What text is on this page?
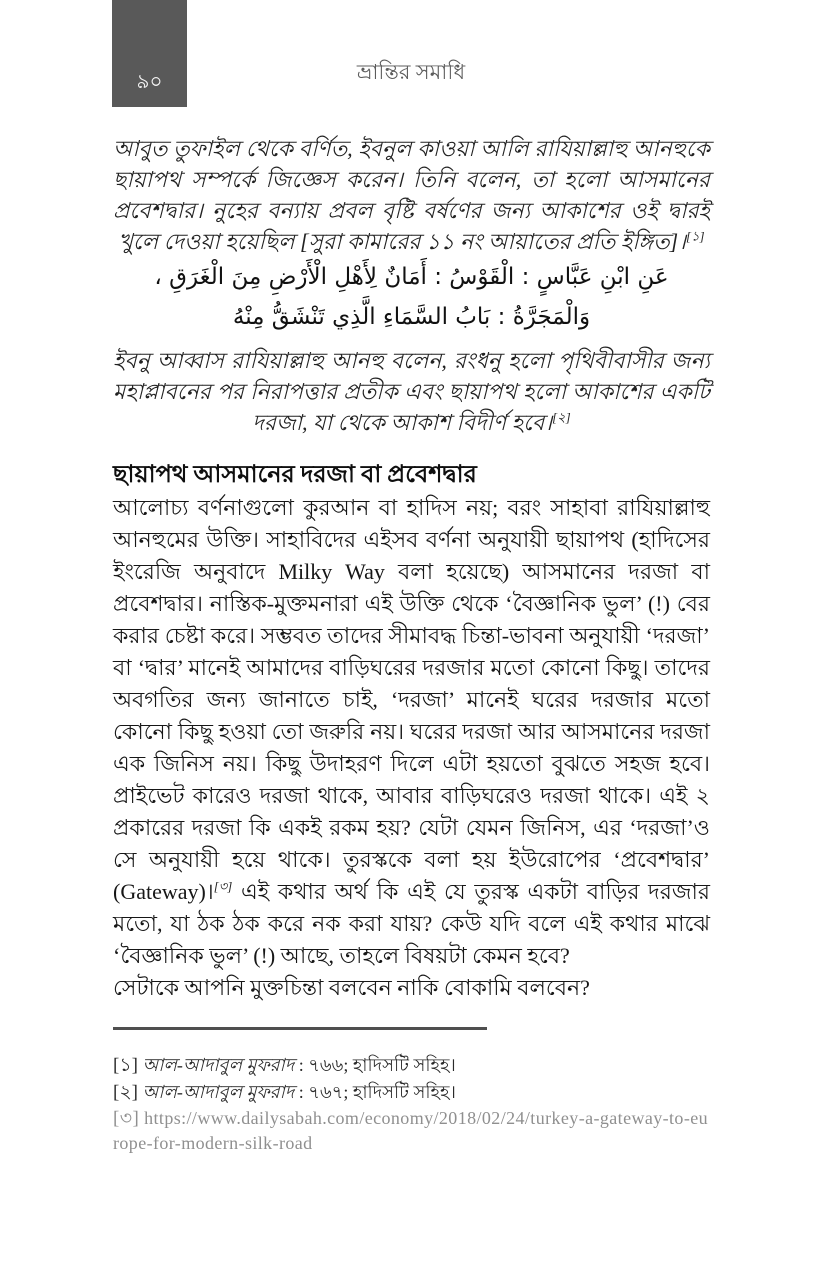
৯০	ভ্রান্তির সমাধি

আবুত তুফাইল থেকে বর্ণিত, ইবনুল কাওয়া আলি রাযিয়াল্লাহু আনহুকে ছায়াপথ সম্পর্কে জিজ্ঞেস করেন। তিনি বলেন, তা হলো আসমানের প্রবেশদ্বার। নুহের বন্যায় প্রবল বৃষ্টি বর্ষণের জন্য আকাশের ওই দ্বারই খুলে দেওয়া হয়েছিল [সুরা কামারের ১১ নং আয়াতের প্রতি ইঙ্গিত]।[১]

عَنِ ابْنِ عَبَّاسٍ : الْقَوْسُ : أَمَانٌ لِأَهْلِ الْأَرْضِ مِنَ الْغَرَقِ ، وَالْمَجَرَّةُ : بَابُ السَّمَاءِ الَّذِي تَنْشَقُّ مِنْهُ

ইবনু আব্বাস রাযিয়াল্লাহু আনহু বলেন, রংধনু হলো পৃথিবীবাসীর জন্য মহাপ্লাবনের পর নিরাপত্তার প্রতীক এবং ছায়াপথ হলো আকাশের একটি দরজা, যা থেকে আকাশ বিদীর্ণ হবে।[২]

ছায়াপথ আসমানের দরজা বা প্রবেশদ্বার

আলোচ্য বর্ণনাগুলো কুরআন বা হাদিস নয়; বরং সাহাবা রাযিয়াল্লাহু আনহুমের উক্তি। সাহাবিদের এইসব বর্ণনা অনুযায়ী ছায়াপথ (হাদিসের ইংরেজি অনুবাদে Milky Way বলা হয়েছে) আসমানের দরজা বা প্রবেশদ্বার। নাস্তিক-মুক্তমনারা এই উক্তি থেকে ‘বৈজ্ঞানিক ভুল’ (!) বের করার চেষ্টা করে। সম্ভবত তাদের সীমাবদ্ধ চিন্তা-ভাবনা অনুযায়ী ‘দরজা’ বা ‘দ্বার’ মানেই আমাদের বাড়িঘরের দরজার মতো কোনো কিছু। তাদের অবগতির জন্য জানাতে চাই, ‘দরজা’ মানেই ঘরের দরজার মতো কোনো কিছু হওয়া তো জরুরি নয়। ঘরের দরজা আর আসমানের দরজা এক জিনিস নয়। কিছু উদাহরণ দিলে এটা হয়তো বুঝতে সহজ হবে। প্রাইভেট কারেও দরজা থাকে, আবার বাড়িঘরেও দরজা থাকে। এই ২ প্রকারের দরজা কি একই রকম হয়? যেটা যেমন জিনিস, এর ‘দরজা’ও সে অনুযায়ী হয়ে থাকে। তুরস্ককে বলা হয় ইউরোপের ‘প্রবেশদ্বার’ (Gateway)।[৩] এই কথার অর্থ কি এই যে তুরস্ক একটা বাড়ির দরজার মতো, যা ঠক ঠক করে নক করা যায়? কেউ যদি বলে এই কথার মাঝে ‘বৈজ্ঞানিক ভুল’ (!) আছে, তাহলে বিষয়টা কেমন হবে?

সেটাকে আপনি মুক্তচিন্তা বলবেন নাকি বোকামি বলবেন?

[১] আল-আদাবুল মুফরাদ : ৭৬৬; হাদিসটি সহিহ।

[২] আল-আদাবুল মুফরাদ : ৭৬৭; হাদিসটি সহিহ।

[৩] https://www.dailysabah.com/economy/2018/02/24/turkey-a-gateway-to-europe-for-modern-silk-road
